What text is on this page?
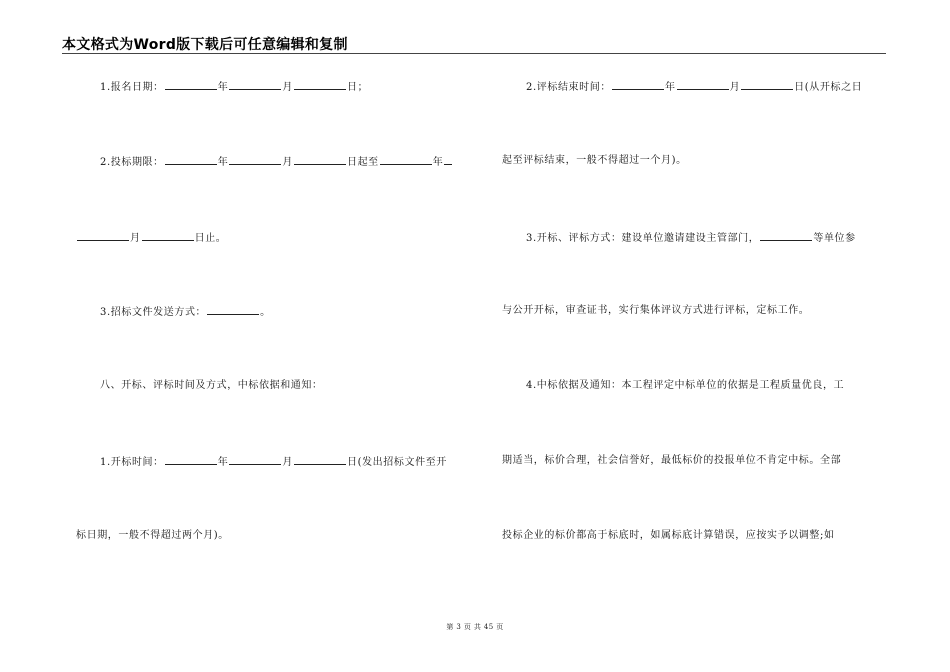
本文格式为Word版下载后可任意编辑和复制
1.报名日期：	年	月	日；
2.投标期限：	年	月	日起至	年
月	日止。
3.招标文件发送方式：	。
八、开标、评标时间及方式，中标依据和通知：
1.开标时间：	年	月	日(发出招标文件至开
标日期，一般不得超过两个月)。
2.评标结束时间：	年	月	日(从开标之日
起至评标结束，一般不得超过一个月)。
3.开标、评标方式：建设单位邀请建设主管部门，	等单位参
与公开开标，审查证书，实行集体评议方式进行评标，定标工作。
4.中标依据及通知：本工程评定中标单位的依据是工程质量优良，工
期适当，标价合理，社会信誉好，最低标价的投报单位不肯定中标。全部
投标企业的标价都高于标底时，如属标底计算错误，应按实予以调整;如
第 3 页 共 45 页
